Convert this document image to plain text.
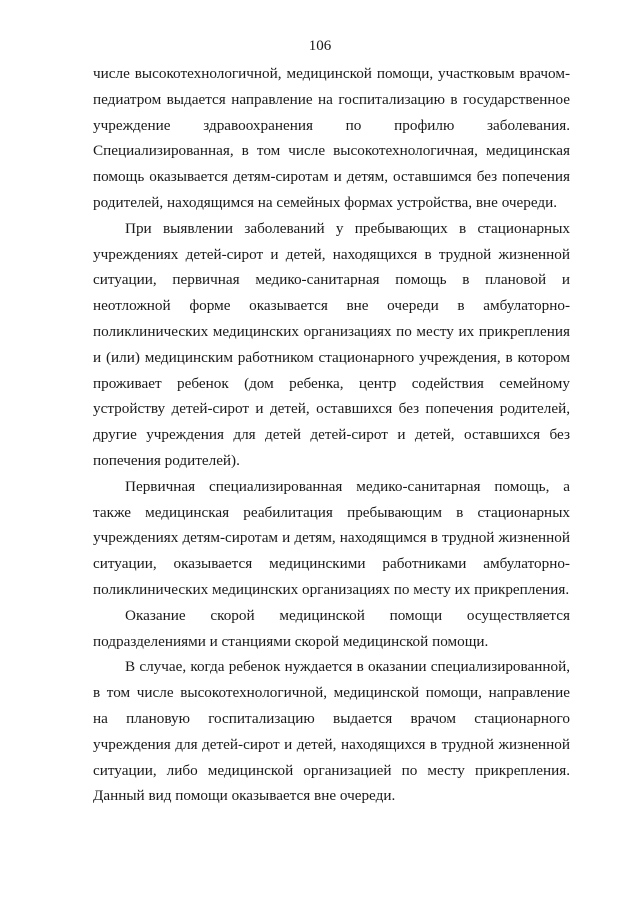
106

числе высокотехнологичной, медицинской помощи, участковым врачом-педиатром выдается направление на госпитализацию в государственное учреждение здравоохранения по профилю заболевания. Специализированная, в том числе высокотехнологичная, медицинская помощь оказывается детям-сиротам и детям, оставшимся без попечения родителей, находящимся на семейных формах устройства, вне очереди.

При выявлении заболеваний у пребывающих в стационарных учреждениях детей-сирот и детей, находящихся в трудной жизненной ситуации, первичная медико-санитарная помощь в плановой и неотложной форме оказывается вне очереди в амбулаторно-поликлинических медицинских организациях по месту их прикрепления и (или) медицинским работником стационарного учреждения, в котором проживает ребенок (дом ребенка, центр содействия семейному устройству детей-сирот и детей, оставшихся без попечения родителей, другие учреждения для детей детей-сирот и детей, оставшихся без попечения родителей).

Первичная специализированная медико-санитарная помощь, а также медицинская реабилитация пребывающим в стационарных учреждениях детям-сиротам и детям, находящимся в трудной жизненной ситуации, оказывается медицинскими работниками амбулаторно-поликлинических медицинских организациях по месту их прикрепления.

Оказание скорой медицинской помощи осуществляется подразделениями и станциями скорой медицинской помощи.

В случае, когда ребенок нуждается в оказании специализированной, в том числе высокотехнологичной, медицинской помощи, направление на плановую госпитализацию выдается врачом стационарного учреждения для детей-сирот и детей, находящихся в трудной жизненной ситуации, либо медицинской организацией по месту прикрепления. Данный вид помощи оказывается вне очереди.
